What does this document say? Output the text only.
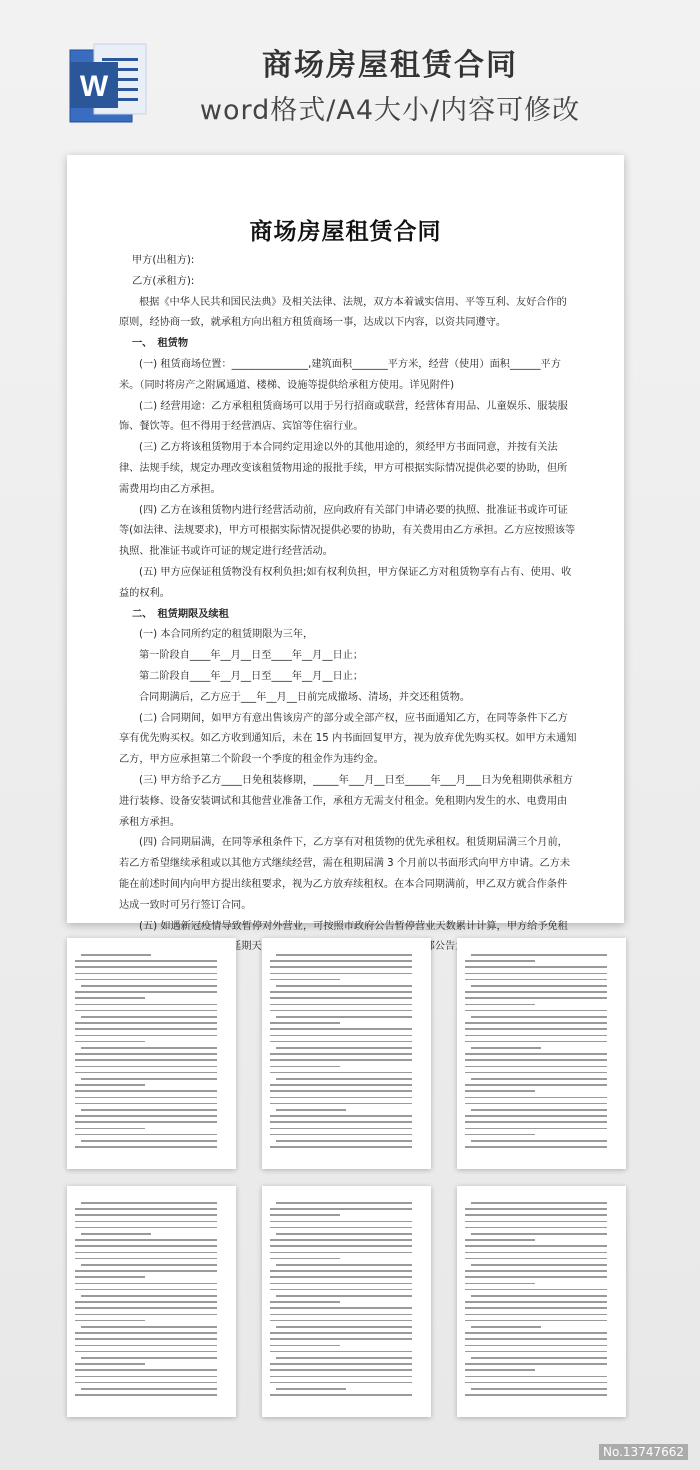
W
商场房屋租赁合同
word格式/A4大小/内容可修改
商场房屋租赁合同

甲方(出租方):

乙方(承租方):

根据《中华人民共和国民法典》及相关法律、法规，双方本着诚实信用、平等互利、友好合作的原则，经协商一致，就承租方向出租方租赁商场一事，达成以下内容，以资共同遵守。

一、　租赁物

(一) 租赁商场位置：_______________,建筑面积_______平方米，经营（使用）面积______平方米。（同时将房产之附属通道、楼梯、设施等提供给承租方使用。详见附件)

(二) 经营用途：乙方承租租赁商场可以用于另行招商或联营，经营体育用品、儿童娱乐、服装服饰、餐饮等。但不得用于经营酒店、宾馆等住宿行业。

(三) 乙方将该租赁物用于本合同约定用途以外的其他用途的，须经甲方书面同意，并按有关法律、法规手续，规定办理改变该租赁物用途的报批手续，甲方可根据实际情况提供必要的协助，但所需费用均由乙方承担。

(四) 乙方在该租赁物内进行经营活动前，应向政府有关部门申请必要的执照、批准证书或许可证等(如法律、法规要求)，甲方可根据实际情况提供必要的协助，有关费用由乙方承担。乙方应按照该等执照、批准证书或许可证的规定进行经营活动。

(五) 甲方应保证租赁物没有权利负担;如有权利负担，甲方保证乙方对租赁物享有占有、使用、收益的权利。

二、　租赁期限及续租

(一) 本合同所约定的租赁期限为三年，

第一阶段自____年__月__日至____年__月__日止；

第二阶段自____年__月__日至____年__月__日止；

合同期满后，乙方应于___年__月__日前完成撤场、清场，并交还租赁物。

(二) 合同期间，如甲方有意出售该房产的部分或全部产权，应书面通知乙方，在同等条件下乙方享有优先购买权。如乙方收到通知后，未在 15 内书面回复甲方，视为放弃优先购买权。如甲方未通知乙方，甲方应承担第二个阶段一个季度的租金作为违约金。

(三) 甲方给予乙方____日免租装修期，_____年___月__日至_____年___月___日为免租期供承租方进行装修、设备安装调试和其他营业准备工作，承租方无需支付租金。免租期内发生的水、电费用由承租方承担。

(四) 合同期届满，在同等承租条件下，乙方享有对租赁物的优先承租权。租赁期届满三个月前，若乙方希望继续承租或以其他方式继续经营，需在租期届满 3 个月前以书面形式向甲方申请。乙方未能在前述时间内向甲方提出续租要求，视为乙方放弃续租权。在本合同期满前，甲乙双方就合作条件达成一致时可另行签订合同。

(五) 如遇新冠疫情导致暂停对外营业，可按照市政府公告暂停营业天数累计计算，甲方给予免租 具体延期天 挥部公告为

No.13747662
